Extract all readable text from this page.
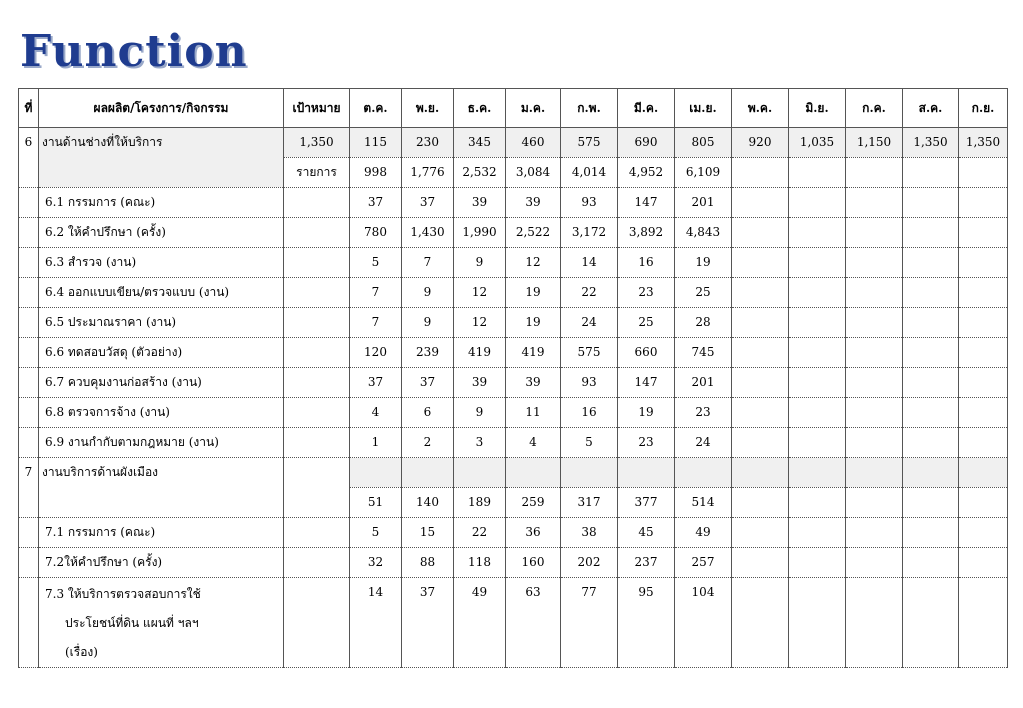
Function
ที่	ผลผลิต/โครงการ/กิจกรรม	เป้าหมาย	ต.ค.	พ.ย.	ธ.ค.	ม.ค.	ก.พ.	มี.ค.	เม.ย.	พ.ค.	มิ.ย.	ก.ค.	ส.ค.	ก.ย.
6	งานด้านช่างที่ให้บริการ	1,350	115	230	345	460	575	690	805	920	1,035	1,150	1,350	1,350
		รายการ	998	1,776	2,532	3,084	4,014	4,952	6,109					
	6.1 กรรมการ (คณะ)		37	37	39	39	93	147	201					
	6.2 ให้คำปรึกษา (ครั้ง)		780	1,430	1,990	2,522	3,172	3,892	4,843					
	6.3 สำรวจ (งาน)		5	7	9	12	14	16	19					
	6.4 ออกแบบเขียน/ตรวจแบบ (งาน)		7	9	12	19	22	23	25					
	6.5 ประมาณราคา (งาน)		7	9	12	19	24	25	28					
	6.6 ทดสอบวัสดุ (ตัวอย่าง)		120	239	419	419	575	660	745					
	6.7 ควบคุมงานก่อสร้าง (งาน)		37	37	39	39	93	147	201					
	6.8 ตรวจการจ้าง (งาน)		4	6	9	11	16	19	23					
	6.9 งานกำกับตามกฎหมาย (งาน)		1	2	3	4	5	23	24					
7	งานบริการด้านผังเมือง													
			51	140	189	259	317	377	514					
	7.1 กรรมการ (คณะ)		5	15	22	36	38	45	49					
	7.2ให้คำปรึกษา (ครั้ง)		32	88	118	160	202	237	257					
	7.3 ให้บริการตรวจสอบการใช้
ประโยชน์ที่ดิน แผนที่ ฯลฯ
(เรื่อง)		14	37	49	63	77	95	104					
